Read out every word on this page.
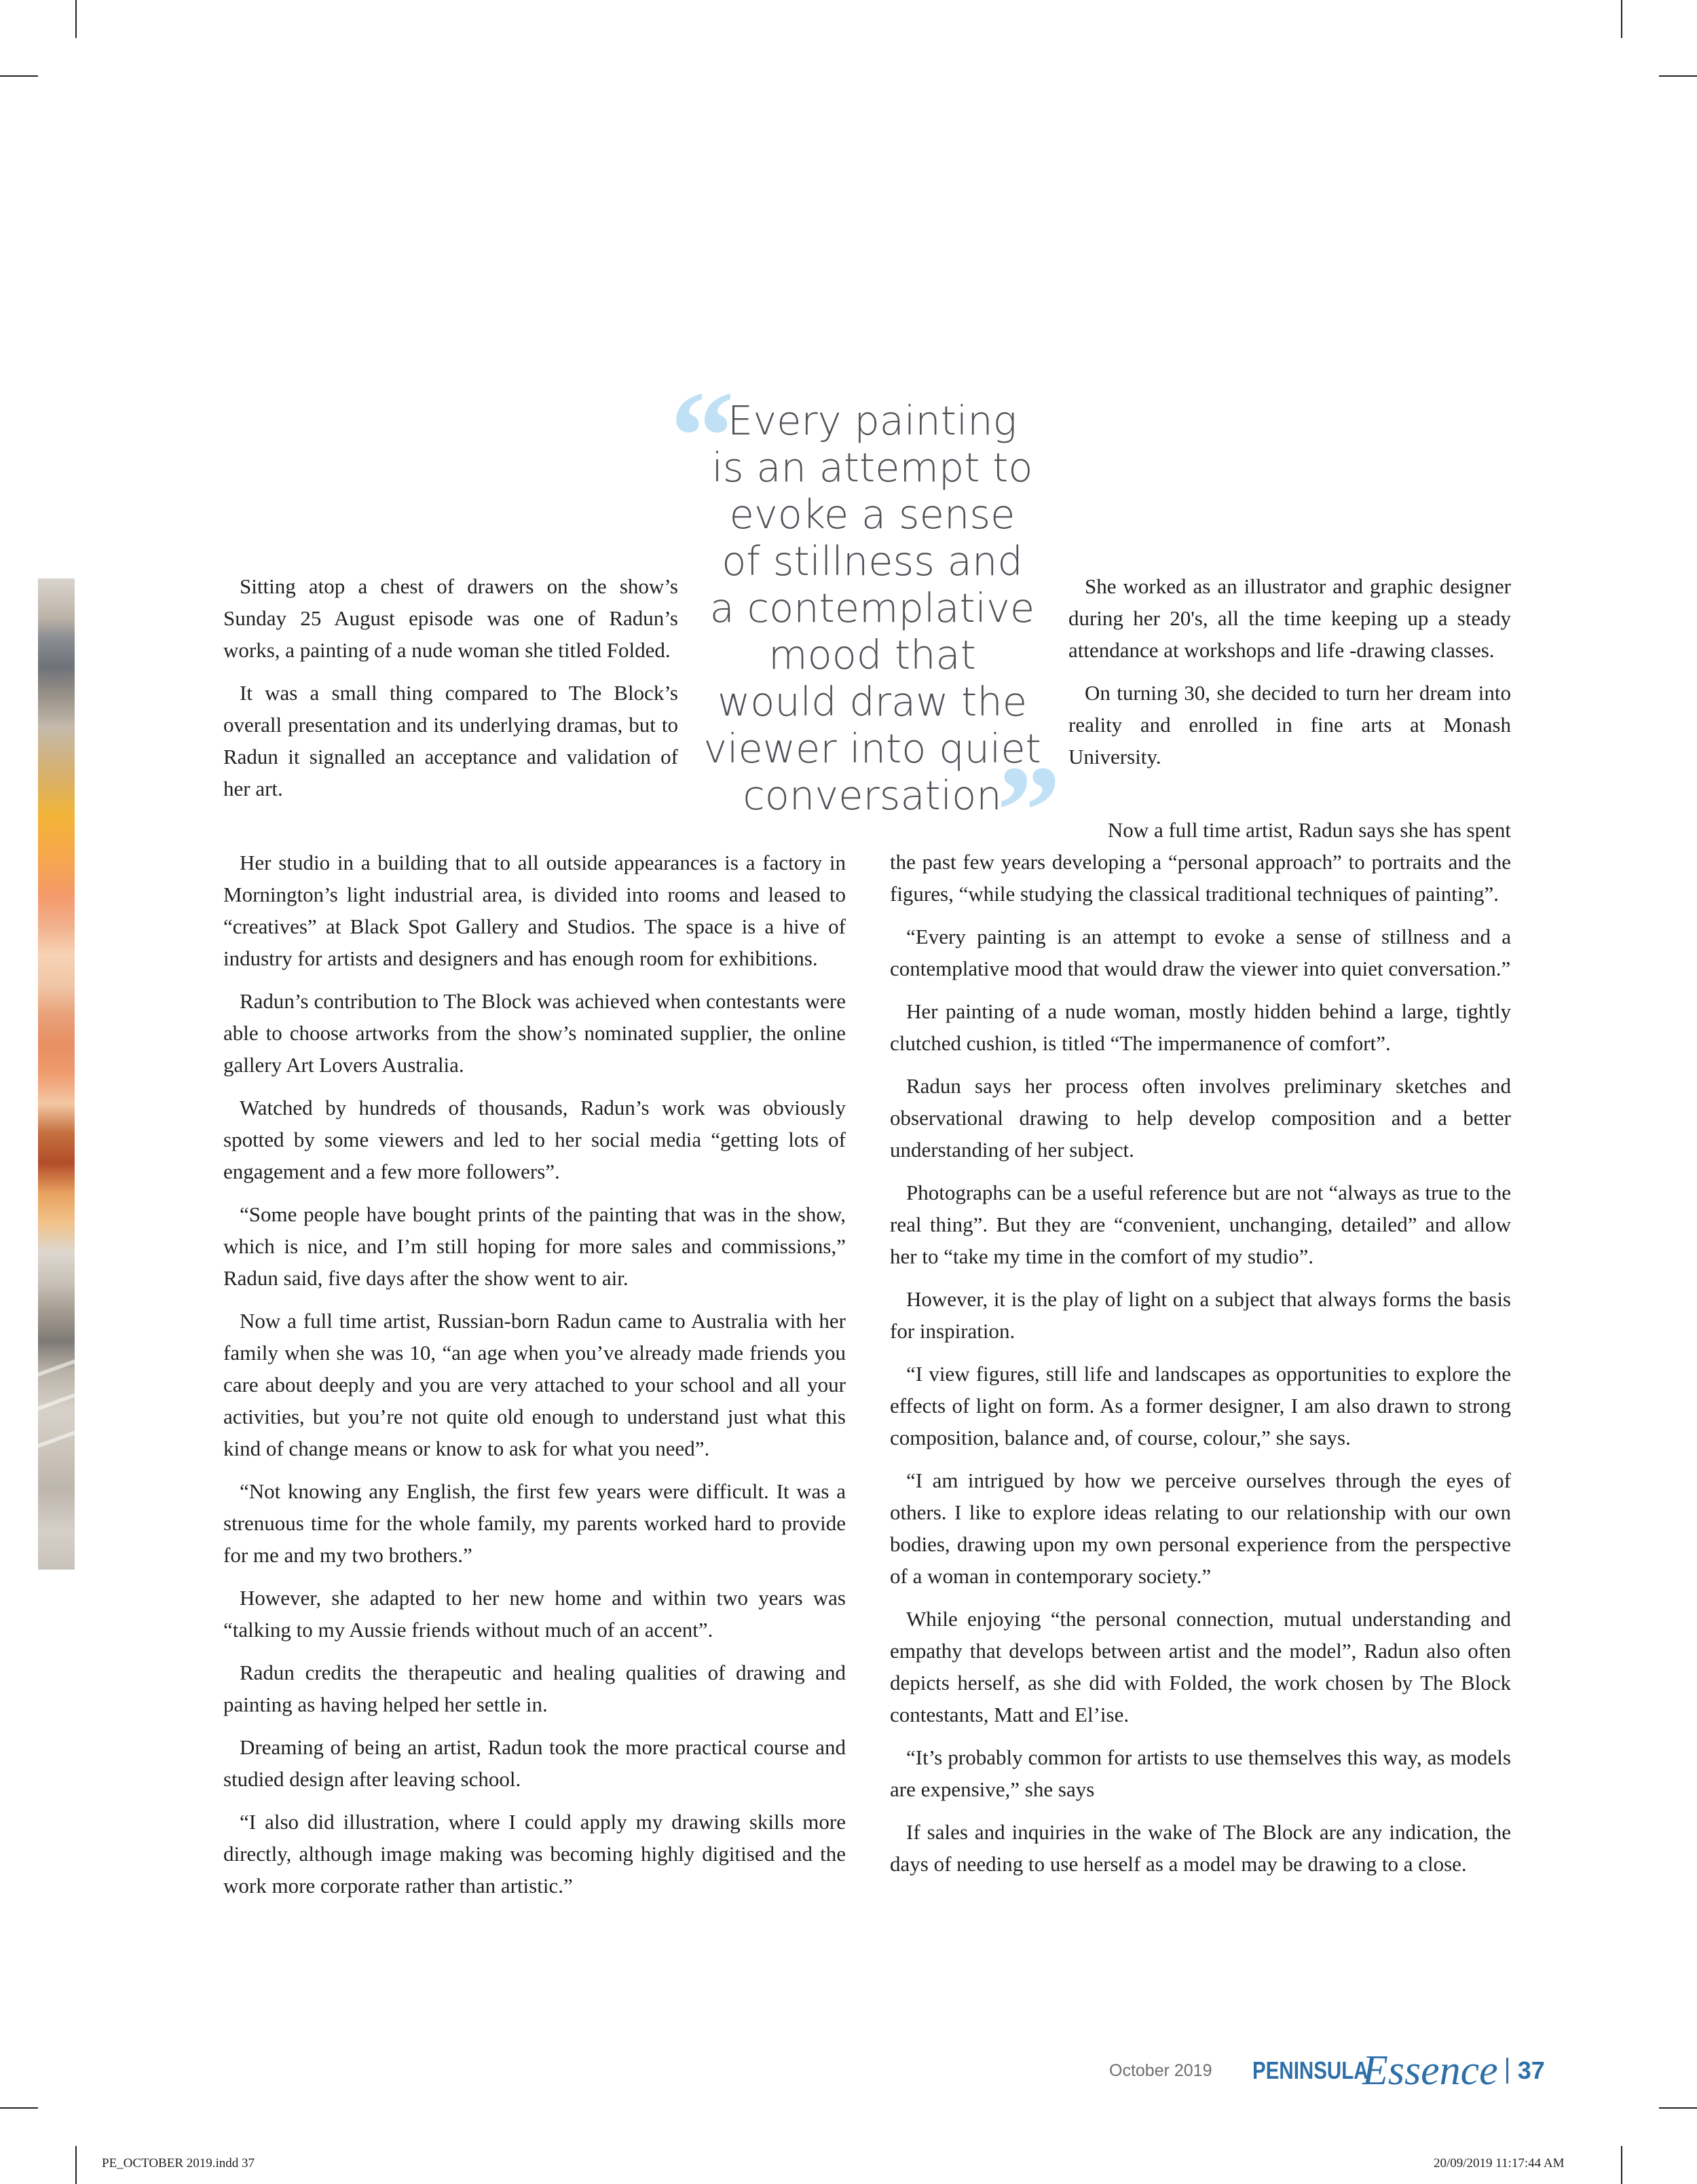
“
Every painting
is an attempt to
evoke a sense
of stillness and
a contemplative
mood that
would draw the
viewer into quiet
conversation
”

Sitting atop a chest of drawers on the show’s Sunday 25 August episode was one of Radun’s works, a painting of a nude woman she titled Folded.

It was a small thing compared to The Block’s overall presentation and its underlying dramas, but to Radun it signalled an acceptance and validation of her art.

Her studio in a building that to all outside appearances is a factory in Mornington’s light industrial area, is divided into rooms and leased to “creatives” at Black Spot Gallery and Studios. The space is a hive of industry for artists and designers and has enough room for exhibitions.

Radun’s contribution to The Block was achieved when contestants were able to choose artworks from the show’s nominated supplier, the online gallery Art Lovers Australia.

Watched by hundreds of thousands, Radun’s work was obviously spotted by some viewers and led to her social media “getting lots of engagement and a few more followers”.

“Some people have bought prints of the painting that was in the show, which is nice, and I’m still hoping for more sales and commissions,” Radun said, five days after the show went to air.

Now a full time artist, Russian-born Radun came to Australia with her family when she was 10, “an age when you’ve already made friends you care about deeply and you are very attached to your school and all your activities, but you’re not quite old enough to understand just what this kind of change means or know to ask for what you need”.

“Not knowing any English, the first few years were difficult. It was a strenuous time for the whole family, my parents worked hard to provide for me and my two brothers.”

However, she adapted to her new home and within two years was “talking to my Aussie friends without much of an accent”.

Radun credits the therapeutic and healing qualities of drawing and painting as having helped her settle in.

Dreaming of being an artist, Radun took the more practical course and studied design after leaving school.

“I also did illustration, where I could apply my drawing skills more directly, although image making was becoming highly digitised and the work more corporate rather than artistic.”

She worked as an illustrator and graphic designer during her 20's, all the time keeping up a steady attendance at workshops and life -drawing classes.

On turning 30, she decided to turn her dream into reality and enrolled in fine arts at Monash University.

Now a full time artist, Radun says she has spent

the past few years developing a “personal approach” to portraits and the figures, “while studying the classical traditional techniques of painting”.

“Every painting is an attempt to evoke a sense of stillness and a contemplative mood that would draw the viewer into quiet conversation.”

Her painting of a nude woman, mostly hidden behind a large, tightly clutched cushion, is titled “The impermanence of comfort”.

Radun says her process often involves preliminary sketches and observational drawing to help develop composition and a better understanding of her subject.

Photographs can be a useful reference but are not “always as true to the real thing”. But they are “convenient, unchanging, detailed” and allow her to “take my time in the comfort of my studio”.

However, it is the play of light on a subject that always forms the basis for inspiration.

“I view figures, still life and landscapes as opportunities to explore the effects of light on form. As a former designer, I am also drawn to strong composition, balance and, of course, colour,” she says.

“I am intrigued by how we perceive ourselves through the eyes of others. I like to explore ideas relating to our relationship with our own bodies, drawing upon my own personal experience from the perspective of a woman in contemporary society.”

While enjoying “the personal connection, mutual understanding and empathy that develops between artist and the model”, Radun also often depicts herself, as she did with Folded, the work chosen by The Block contestants, Matt and El’ise.

“It’s probably common for artists to use themselves this way, as models are expensive,” she says

If sales and inquiries in the wake of The Block are any indication, the days of needing to use herself as a model may be drawing to a close.

October 2019 PENINSULA
Essence 37
PE_OCTOBER 2019.indd 37	20/09/2019 11:17:44 AM
